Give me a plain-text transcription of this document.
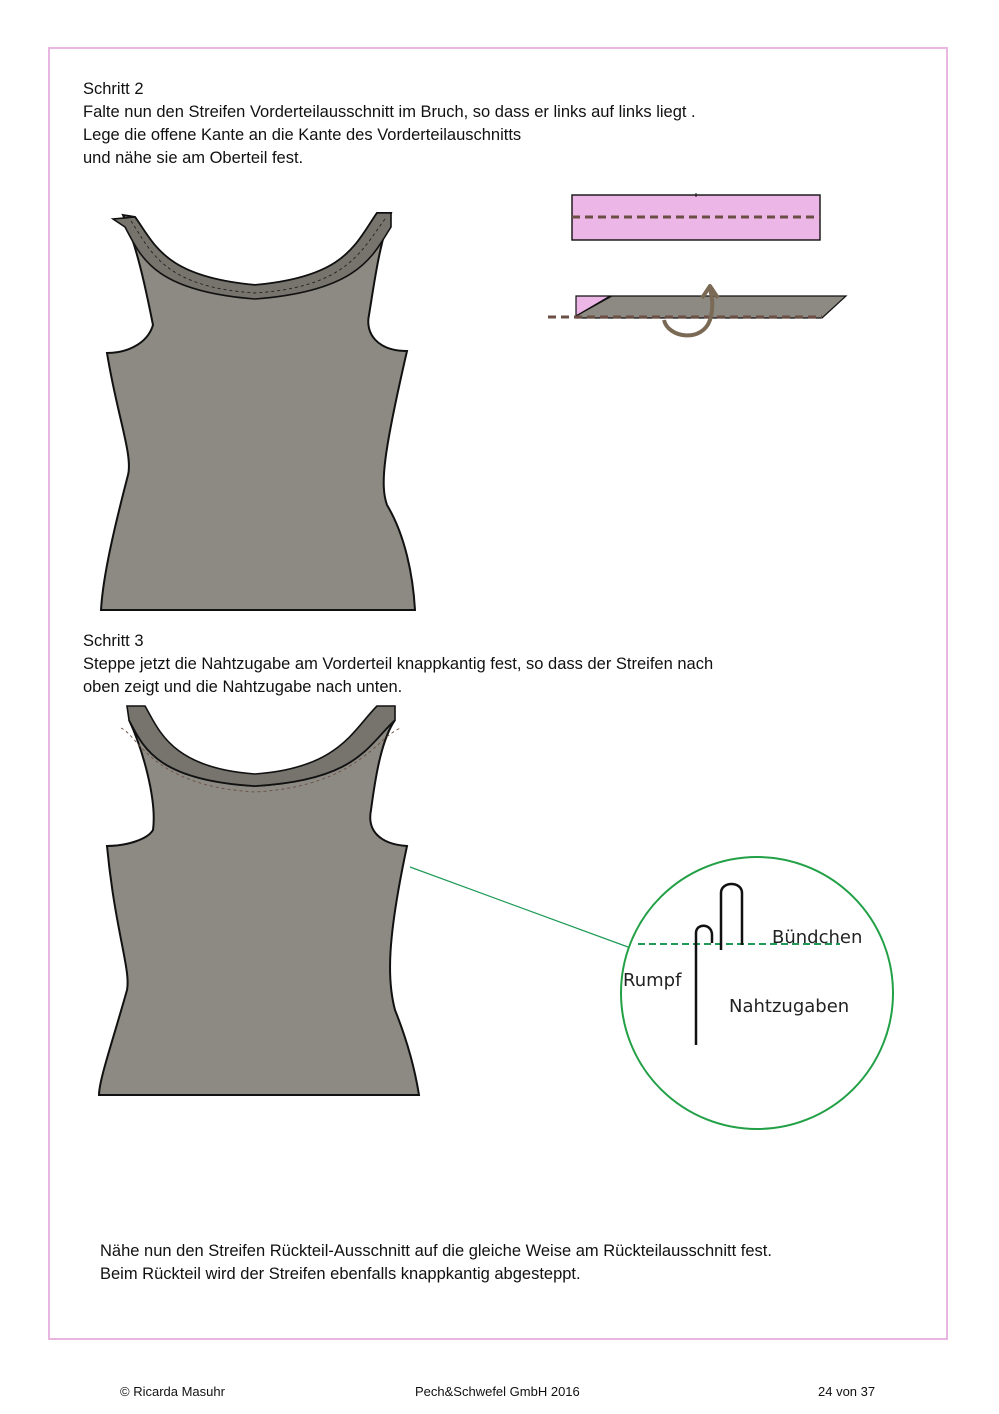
Schritt 2
Falte nun den Streifen Vorderteilausschnitt im Bruch, so dass er links auf links liegt .
Lege die offene Kante an die Kante des Vorderteilauschnitts
und nähe sie am Oberteil fest.
Schritt 3
Steppe jetzt die Nahtzugabe am Vorderteil knappkantig fest, so dass der Streifen nach
oben zeigt und die Nahtzugabe nach unten.
Bündchen
Rumpf
Nahtzugaben
Nähe nun den Streifen Rückteil-Ausschnitt auf die gleiche Weise am Rückteilausschnitt fest.
Beim Rückteil wird der Streifen ebenfalls knappkantig abgesteppt.
© Ricarda Masuhr	Pech&Schwefel GmbH 2016	24 von 37
